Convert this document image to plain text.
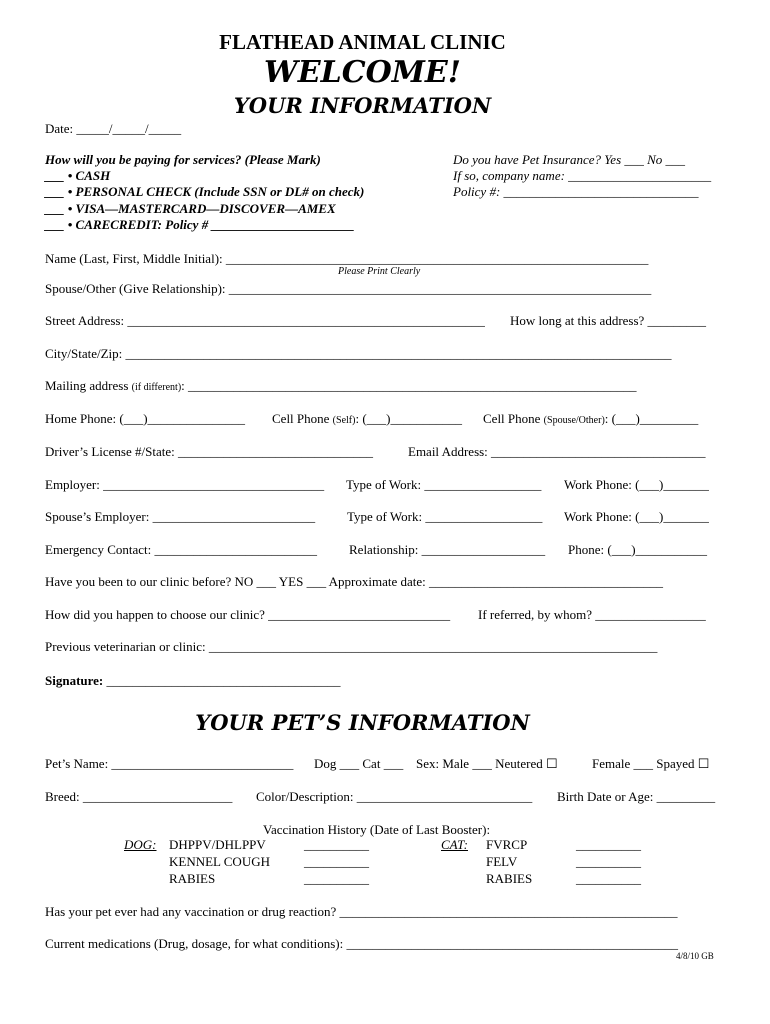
FLATHEAD ANIMAL CLINIC
WELCOME!
YOUR INFORMATION
Date: _____/_____/_____
How will you be paying for services? (Please Mark)
___ • CASH
___ • PERSONAL CHECK (Include SSN or DL# on check)
___ • VISA—MASTERCARD—DISCOVER—AMEX
___ • CARECREDIT: Policy # ______________________
Do you have Pet Insurance? Yes ___ No ___
If so, company name: ______________________
Policy #: ______________________________
Name (Last, First, Middle Initial): _________________________________________________________________
Please Print Clearly
Spouse/Other (Give Relationship): _________________________________________________________________
Street Address: _______________________________________________________ How long at this address? _________
City/State/Zip: ____________________________________________________________________________________
Mailing address (if different): _____________________________________________________________________
Home Phone: (___)_______________ Cell Phone (Self): (___)___________ Cell Phone (Spouse/Other): (___)_________
Driver’s License #/State: ______________________________	Email Address: _________________________________
Employer: __________________________________ Type of Work: __________________ Work Phone: (___)_______
Spouse’s Employer: _________________________ Type of Work: __________________ Work Phone: (___)_______
Emergency Contact: _________________________ Relationship: ___________________ Phone: (___)___________
Have you been to our clinic before? NO ___ YES ___ Approximate date: ____________________________________
How did you happen to choose our clinic? ____________________________ If referred, by whom? _________________
Previous veterinarian or clinic: _____________________________________________________________________
Signature: ____________________________________
YOUR PET’S INFORMATION
Pet’s Name: ____________________________ Dog ___ Cat ___ Sex: Male ___ Neutered ☐	Female ___ Spayed ☐
Breed: _______________________ Color/Description: ___________________________ Birth Date or Age: _________
Vaccination History (Date of Last Booster):
DOG: DHPPV/DHLPPV
KENNEL COUGH
RABIES
__________
__________
__________
CAT: FVRCP
FELV
RABIES
__________
__________
__________
Has your pet ever had any vaccination or drug reaction? ____________________________________________________
Current medications (Drug, dosage, for what conditions): ___________________________________________________
4/8/10 GB
